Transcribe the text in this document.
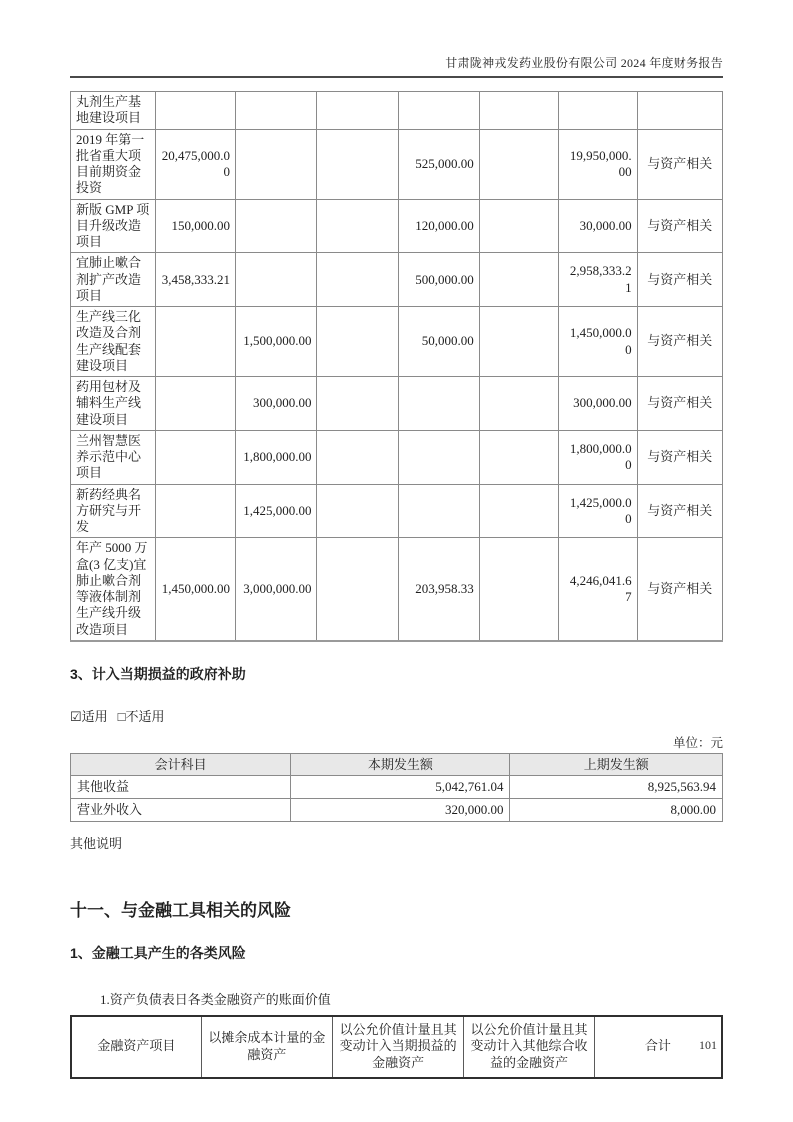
甘肃陇神戎发药业股份有限公司 2024 年度财务报告
丸剂生产基地建设项目							
2019 年第一批省重大项目前期资金投资	20,475,000.00			525,000.00		19,950,000.00	与资产相关
新版 GMP 项目升级改造项目	150,000.00			120,000.00		30,000.00	与资产相关
宜肺止嗽合剂扩产改造项目	3,458,333.21			500,000.00		2,958,333.21	与资产相关
生产线三化改造及合剂生产线配套建设项目		1,500,000.00		50,000.00		1,450,000.00	与资产相关
药用包材及辅料生产线建设项目		300,000.00				300,000.00	与资产相关
兰州智慧医养示范中心项目		1,800,000.00				1,800,000.00	与资产相关
新药经典名方研究与开发		1,425,000.00				1,425,000.00	与资产相关
年产 5000 万盒(3 亿支)宜肺止嗽合剂等液体制剂生产线升级改造项目	1,450,000.00	3,000,000.00		203,958.33		4,246,041.67	与资产相关
3、计入当期损益的政府补助
☑适用 □不适用
单位：元
会计科目	本期发生额	上期发生额
其他收益	5,042,761.04	8,925,563.94
营业外收入	320,000.00	8,000.00
其他说明
十一、与金融工具相关的风险
1、金融工具产生的各类风险
1.资产负债表日各类金融资产的账面价值
金融资产项目	以摊余成本计量的金融资产	以公允价值计量且其变动计入当期损益的金融资产	以公允价值计量且其变动计入其他综合收益的金融资产	合计 101
